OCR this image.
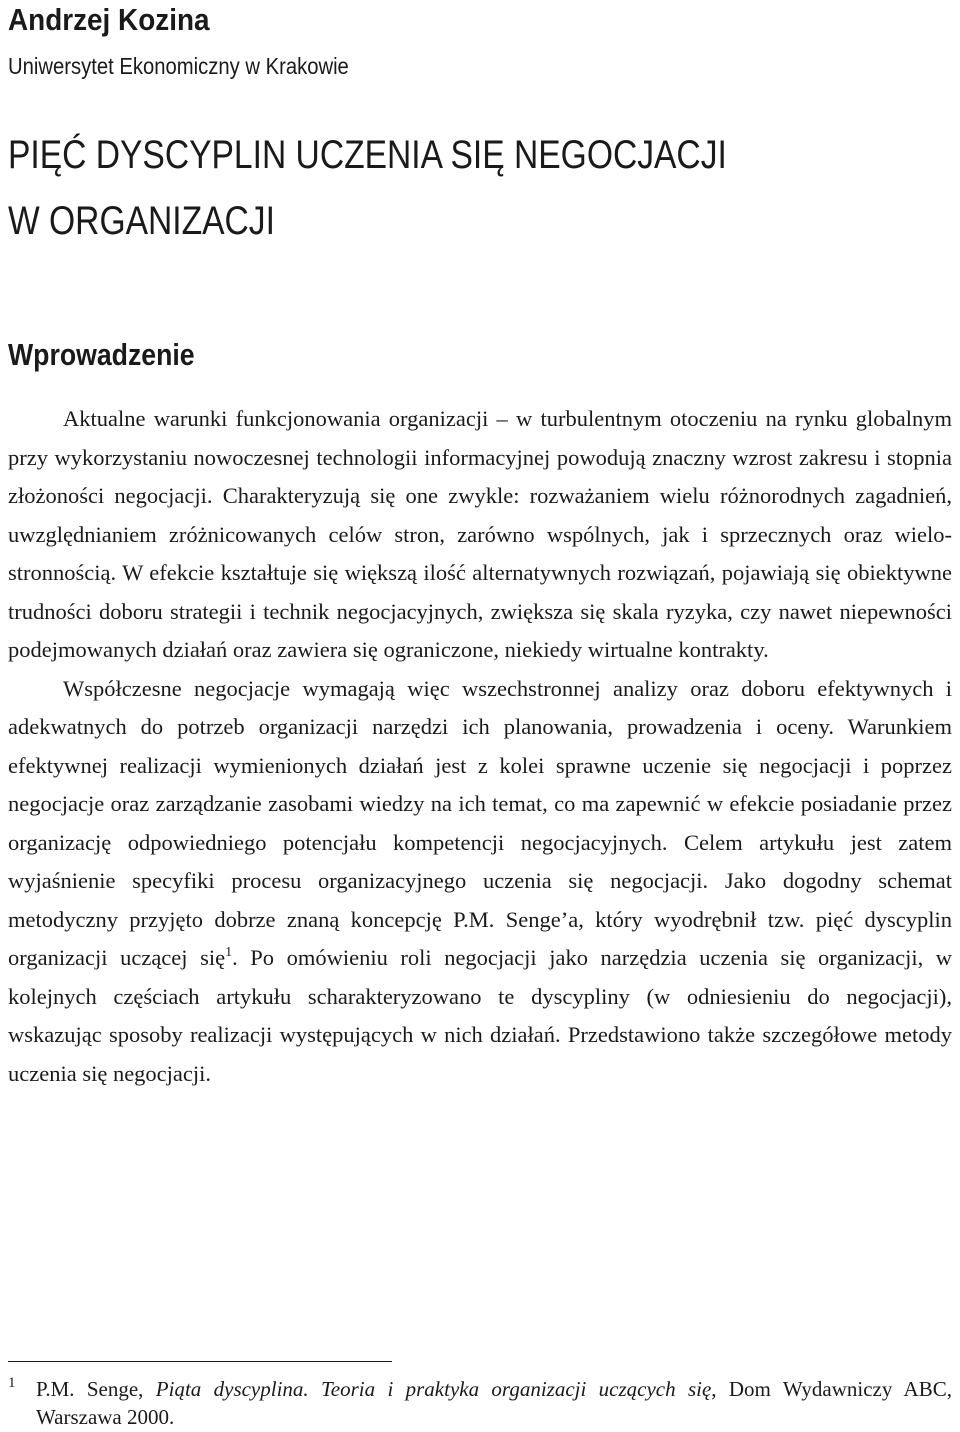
Andrzej Kozina
Uniwersytet Ekonomiczny w Krakowie
PIĘĆ DYSCYPLIN UCZENIA SIĘ NEGOCJACJI
W ORGANIZACJI
Wprowadzenie

Aktualne warunki funkcjonowania organizacji – w turbulentnym otoczeniu na rynku globalnym przy wykorzystaniu nowoczesnej technologii informacyjnej powodują znaczny wzrost zakresu i stopnia złożoności negocjacji. Charakteryzują się one zwykle: rozważaniem wielu różnorodnych zagadnień, uwzględnianiem zróżnicowanych celów stron, zarówno wspólnych, jak i sprzecznych oraz wielostronnością. W efekcie kształtuje się większą ilość alternatywnych rozwiązań, pojawiają się obiektywne trudności doboru strategii i technik negocjacyjnych, zwiększa się skala ryzyka, czy nawet niepewności podejmowanych działań oraz zawiera się ograniczone, niekiedy wirtualne kontrakty.

Współczesne negocjacje wymagają więc wszechstronnej analizy oraz doboru efektywnych i adekwatnych do potrzeb organizacji narzędzi ich planowania, prowadzenia i oceny. Warunkiem efektywnej realizacji wymienionych działań jest z kolei sprawne uczenie się negocjacji i poprzez negocjacje oraz zarządzanie zasobami wiedzy na ich temat, co ma zapewnić w efekcie posiadanie przez organizację odpowiedniego potencjału kompetencji negocjacyjnych. Celem artykułu jest zatem wyjaśnienie specyfiki procesu organizacyjnego uczenia się negocjacji. Jako dogodny schemat metodyczny przyjęto dobrze znaną koncepcję P.M. Senge’a, który wyodrębnił tzw. pięć dyscyplin organizacji uczącej się$^1$. Po omówieniu roli negocjacji jako narzędzia uczenia się organizacji, w kolejnych częściach artykułu scharakteryzowano te dyscypliny (w odniesieniu do negocjacji), wskazując sposoby realizacji występujących w nich działań. Przedstawiono także szczegółowe metody uczenia się negocjacji.

1 P.M. Senge, Piąta dyscyplina. Teoria i praktyka organizacji uczących się, Dom Wydawniczy ABC, Warszawa 2000.
